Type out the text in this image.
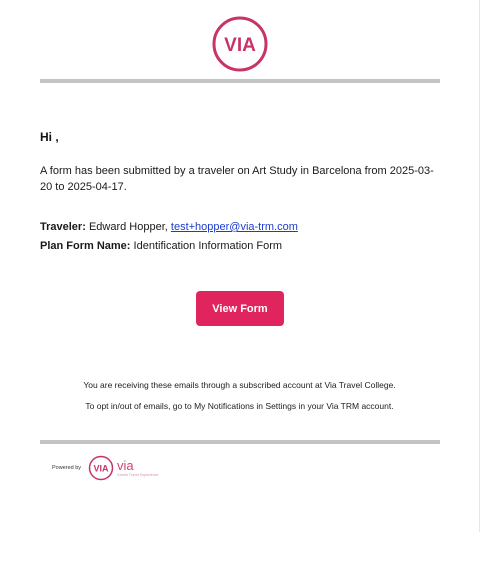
VIA
Hi ,
A form has been submitted by a traveler on Art Study in Barcelona from 2025-03-20 to 2025-04-17.
Traveler: Edward Hopper, test+hopper@via-trm.com
Plan Form Name: Identification Information Form
View Form
You are receiving these emails through a subscribed account at Via Travel College.
To opt in/out of emails, go to My Notifications in Settings in your Via TRM account.
Powered by VIA via
Global Travel Experience
